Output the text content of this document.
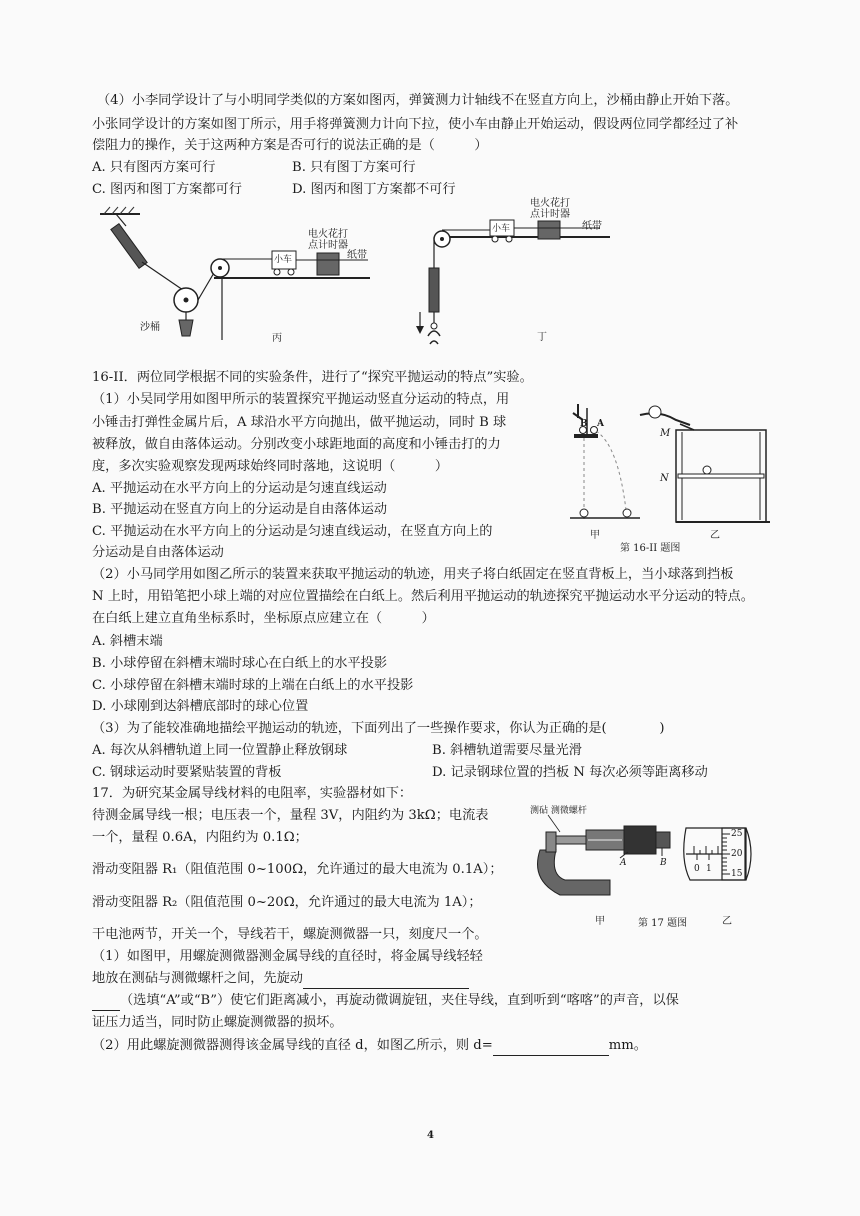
（4）小李同学设计了与小明同学类似的方案如图丙，弹簧测力计轴线不在竖直方向上，沙桶由静止开始下落。
小张同学设计的方案如图丁所示，用手将弹簧测力计向下拉，使小车由静止开始运动，假设两位同学都经过了补
偿阻力的操作，关于这两种方案是否可行的说法正确的是（　　　）
A. 只有图丙方案可行	B. 只有图丁方案可行
C. 图丙和图丁方案都可行	D. 图丙和图丁方案都不可行
电火花打
点计时器
小车	纸带
沙桶
丙
电火花打
点计时器
小车	纸带
丁
16-II．两位同学根据不同的实验条件，进行了“探究平抛运动的特点”实验。
（1）小吴同学用如图甲所示的装置探究平抛运动竖直分运动的特点，用
小锤击打弹性金属片后，A 球沿水平方向抛出，做平抛运动，同时 B 球
被释放，做自由落体运动。分别改变小球距地面的高度和小锤击打的力
度，多次实验观察发现两球始终同时落地，这说明（　　　）
A. 平抛运动在水平方向上的分运动是匀速直线运动
B. 平抛运动在竖直方向上的分运动是自由落体运动
C. 平抛运动在水平方向上的分运动是匀速直线运动，在竖直方向上的
分运动是自由落体运动
B A
M
N
甲	乙
第 16-II 题图
（2）小马同学用如图乙所示的装置来获取平抛运动的轨迹，用夹子将白纸固定在竖直背板上，当小球落到挡板
N 上时，用铅笔把小球上端的对应位置描绘在白纸上。然后利用平抛运动的轨迹探究平抛运动水平分运动的特点。
在白纸上建立直角坐标系时，坐标原点应建立在（　　　）
A. 斜槽末端
B. 小球停留在斜槽末端时球心在白纸上的水平投影
C. 小球停留在斜槽末端时球的上端在白纸上的水平投影
D. 小球刚到达斜槽底部时的球心位置
（3）为了能较准确地描绘平抛运动的轨迹，下面列出了一些操作要求，你认为正确的是(　　　　)
A. 每次从斜槽轨道上同一位置静止释放钢球	B. 斜槽轨道需要尽量光滑
C. 钢球运动时要紧贴装置的背板	D. 记录钢球位置的挡板 N 每次必须等距离移动
17．为研究某金属导线材料的电阻率，实验器材如下：
待测金属导线一根；电压表一个，量程 3V，内阻约为 3kΩ；电流表
一个，量程 0.6A，内阻约为 0.1Ω；
滑动变阻器 R₁（阻值范围 0~100Ω，允许通过的最大电流为 0.1A）；
滑动变阻器 R₂（阻值范围 0~20Ω，允许通过的最大电流为 1A）；
干电池两节，开关一个，导线若干，螺旋测微器一只，刻度尺一个。
测砧 测微螺杆
A	B
25
20
15
0 1
甲	第 17 题图	乙
（1）如图甲，用螺旋测微器测金属导线的直径时，将金属导线轻轻
地放在测砧与测微螺杆之间，先旋动
（选填“A”或“B”）使它们距离减小，再旋动微调旋钮，夹住导线，直到听到“喀喀”的声音，以保
证压力适当，同时防止螺旋测微器的损坏。
（2）用此螺旋测微器测得该金属导线的直径 d，如图乙所示，则 d=	mm。
4
